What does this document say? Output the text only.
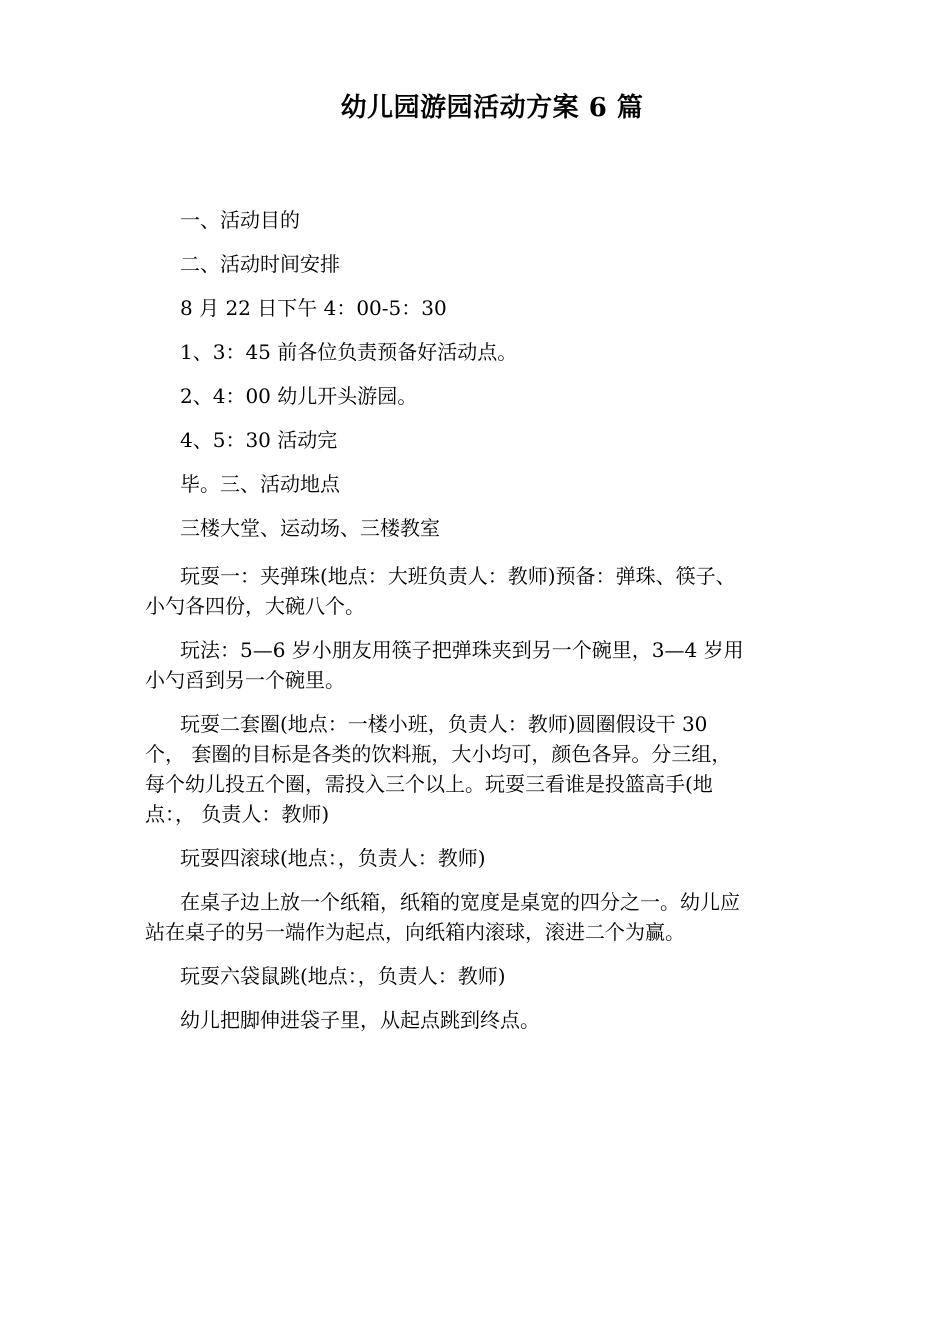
幼儿园游园活动方案 6 篇
一、活动目的
二、活动时间安排
8 月 22 日下午 4：00-5：30
1、3：45 前各位负责预备好活动点。
2、4：00 幼儿开头游园。
4、5：30 活动完
毕。三、活动地点
三楼大堂、运动场、三楼教室
玩耍一：夹弹珠(地点：大班负责人：教师)预备：弹珠、筷子、
小勺各四份，大碗八个。
玩法：5—6 岁小朋友用筷子把弹珠夹到另一个碗里，3—4 岁用
小勺舀到另一个碗里。
玩耍二套圈(地点：一楼小班，负责人：教师)圆圈假设干 30
个， 套圈的目标是各类的饮料瓶，大小均可，颜色各异。分三组，
每个幼儿投五个圈，需投入三个以上。玩耍三看谁是投篮高手(地
点：， 负责人：教师)
玩耍四滚球(地点：，负责人：教师)
在桌子边上放一个纸箱，纸箱的宽度是桌宽的四分之一。幼儿应
站在桌子的另一端作为起点，向纸箱内滚球，滚进二个为赢。
玩耍六袋鼠跳(地点：，负责人：教师)
幼儿把脚伸进袋子里，从起点跳到终点。
